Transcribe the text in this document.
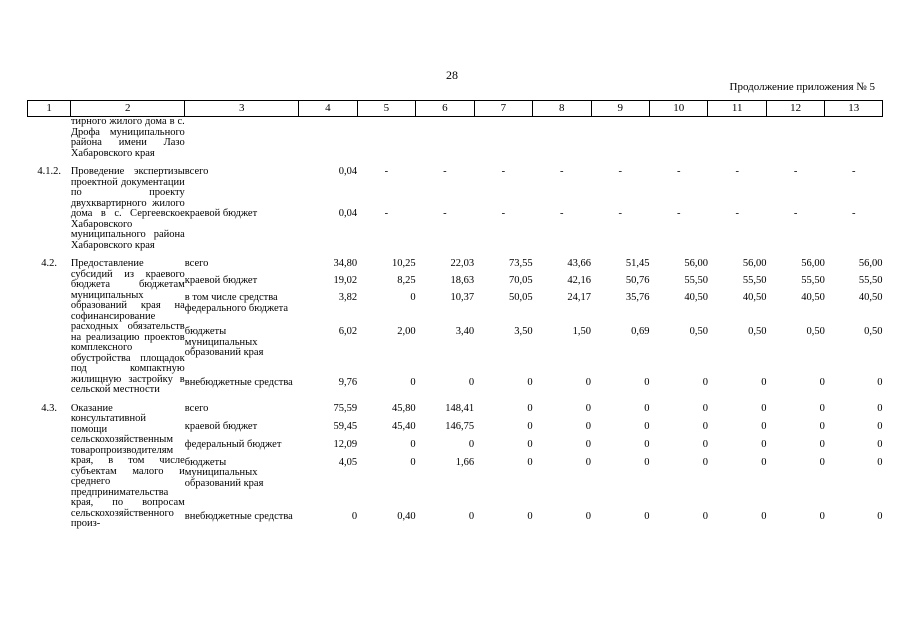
28
Продолжение приложения № 5
1	2	3	4	5	6	7	8	9	10	11	12	13
	тирного жилого дома в с. Дрофа муниципального района имени Лазо Хабаровского края											

4.1.2.	Проведение экспертизы проектной документации по проекту двухквартирного жилого дома в с. Сергеевское Хабаровского муниципального района Хабаровского края	всего	0,04	-	-	-	-	-	-	-	-	-
		краевой бюджет	0,04	-	-	-	-	-	-	-	-	-

4.2.	Предоставление субсидий из краевого бюджета бюджетам муниципальных образований края на софинансирование расходных обязательств на реализацию проектов комплексного обустройства площадок под компактную жилищную застройку в сельской местности	всего	34,80	10,25	22,03	73,55	43,66	51,45	56,00	56,00	56,00	56,00
		краевой бюджет	19,02	8,25	18,63	70,05	42,16	50,76	55,50	55,50	55,50	55,50
		в том числе средства федерального бюджета	3,82	0	10,37	50,05	24,17	35,76	40,50	40,50	40,50	40,50
		бюджеты муниципальных образований края	6,02	2,00	3,40	3,50	1,50	0,69	0,50	0,50	0,50	0,50
		внебюджетные средства	9,76	0	0	0	0	0	0	0	0	0

4.3.	Оказание консультативной помощи сельскохозяйственным товаропроизводителям края, в том числе субъектам малого и среднего предпринимательства края, по вопросам сельскохозяйственного произ-	всего	75,59	45,80	148,41	0	0	0	0	0	0	0
		краевой бюджет	59,45	45,40	146,75	0	0	0	0	0	0	0
		федеральный бюджет	12,09	0	0	0	0	0	0	0	0	0
		бюджеты муниципальных образований края	4,05	0	1,66	0	0	0	0	0	0	0
		внебюджетные средства	0	0,40	0	0	0	0	0	0	0	0
